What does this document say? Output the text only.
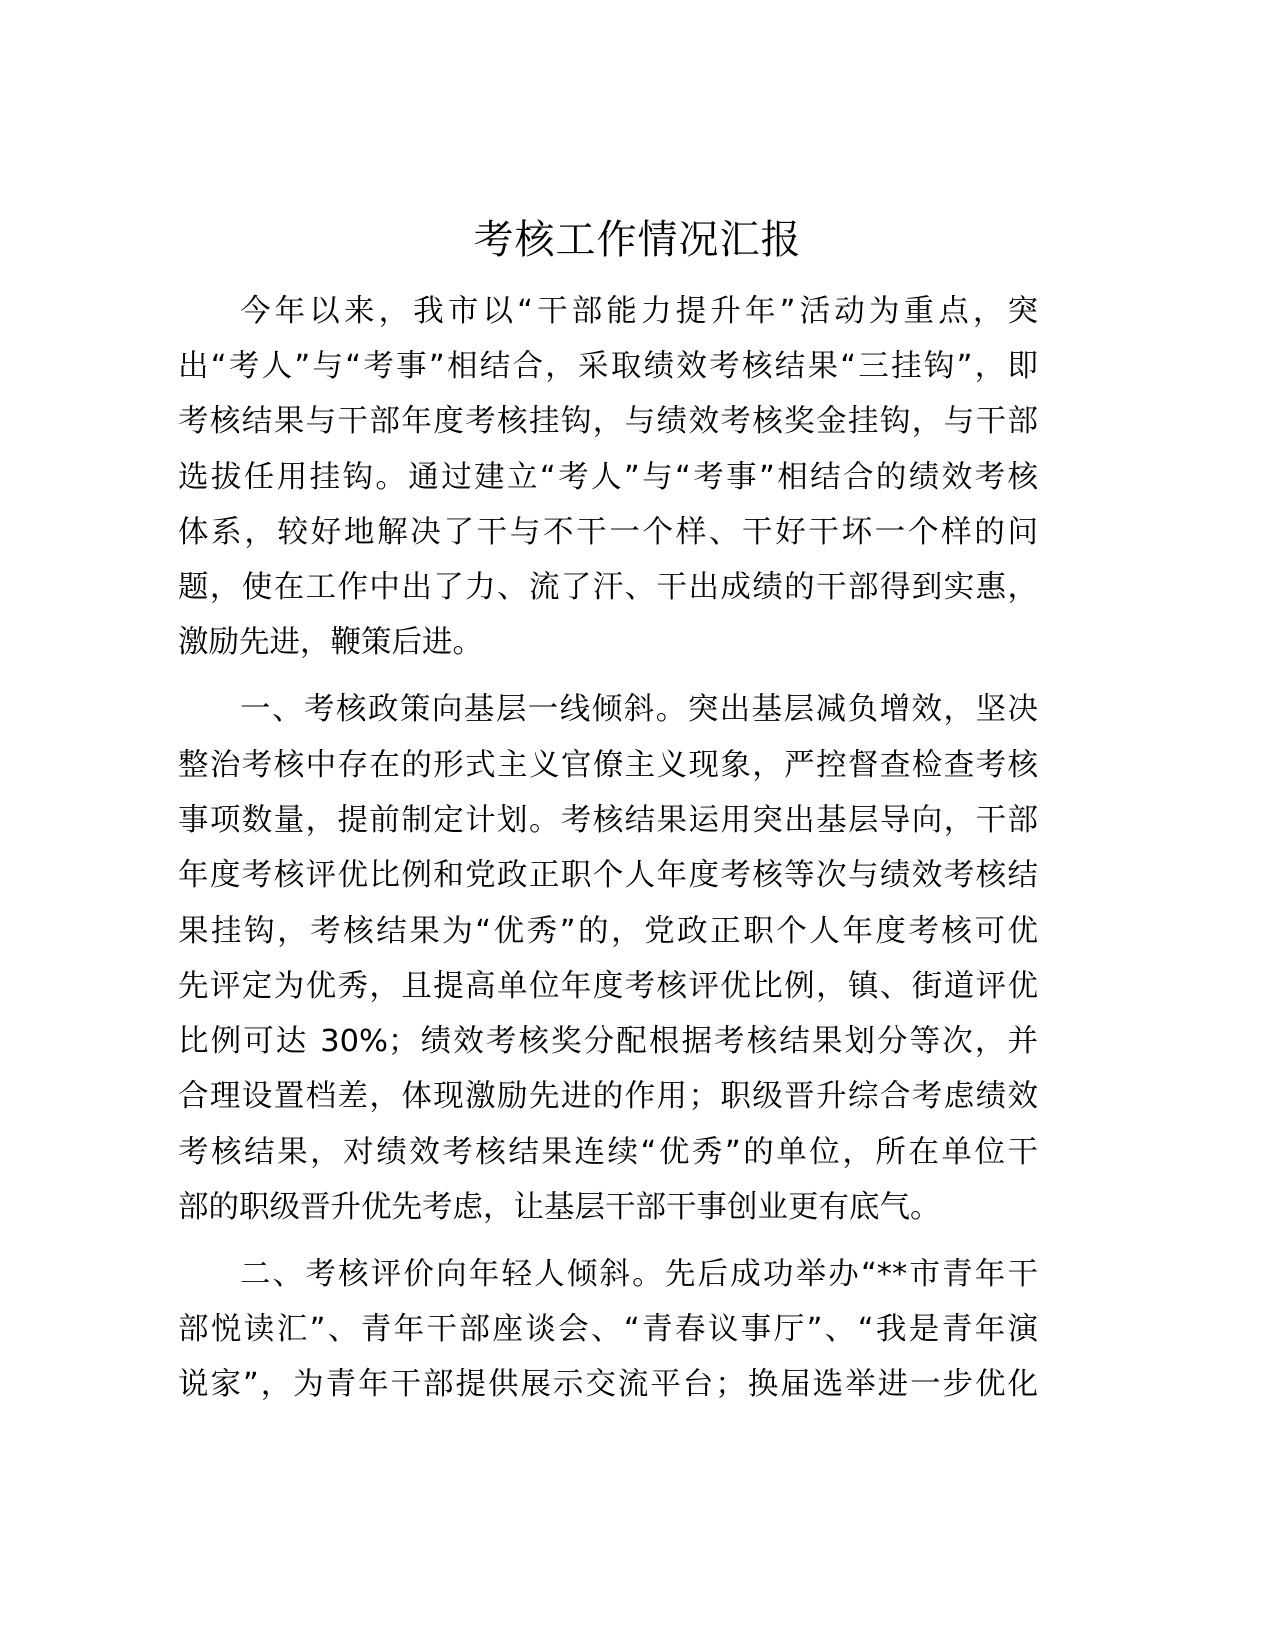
考核工作情况汇报
今年以来，我市以“干部能力提升年”活动为重点，突
出“考人”与“考事”相结合，采取绩效考核结果“三挂钩”，即
考核结果与干部年度考核挂钩，与绩效考核奖金挂钩，与干部
选拔任用挂钩。通过建立“考人”与“考事”相结合的绩效考核
体系，较好地解决了干与不干一个样、干好干坏一个样的问
题，使在工作中出了力、流了汗、干出成绩的干部得到实惠，
激励先进，鞭策后进。
一、考核政策向基层一线倾斜。突出基层减负增效，坚决
整治考核中存在的形式主义官僚主义现象，严控督查检查考核
事项数量，提前制定计划。考核结果运用突出基层导向，干部
年度考核评优比例和党政正职个人年度考核等次与绩效考核结
果挂钩，考核结果为“优秀”的，党政正职个人年度考核可优
先评定为优秀，且提高单位年度考核评优比例，镇、街道评优
比例可达 30%；绩效考核奖分配根据考核结果划分等次，并
合理设置档差，体现激励先进的作用；职级晋升综合考虑绩效
考核结果，对绩效考核结果连续“优秀”的单位，所在单位干
部的职级晋升优先考虑，让基层干部干事创业更有底气。
二、考核评价向年轻人倾斜。先后成功举办“**市青年干
部悦读汇”、青年干部座谈会、“青春议事厅”、“我是青年演
说家”，为青年干部提供展示交流平台；换届选举进一步优化
